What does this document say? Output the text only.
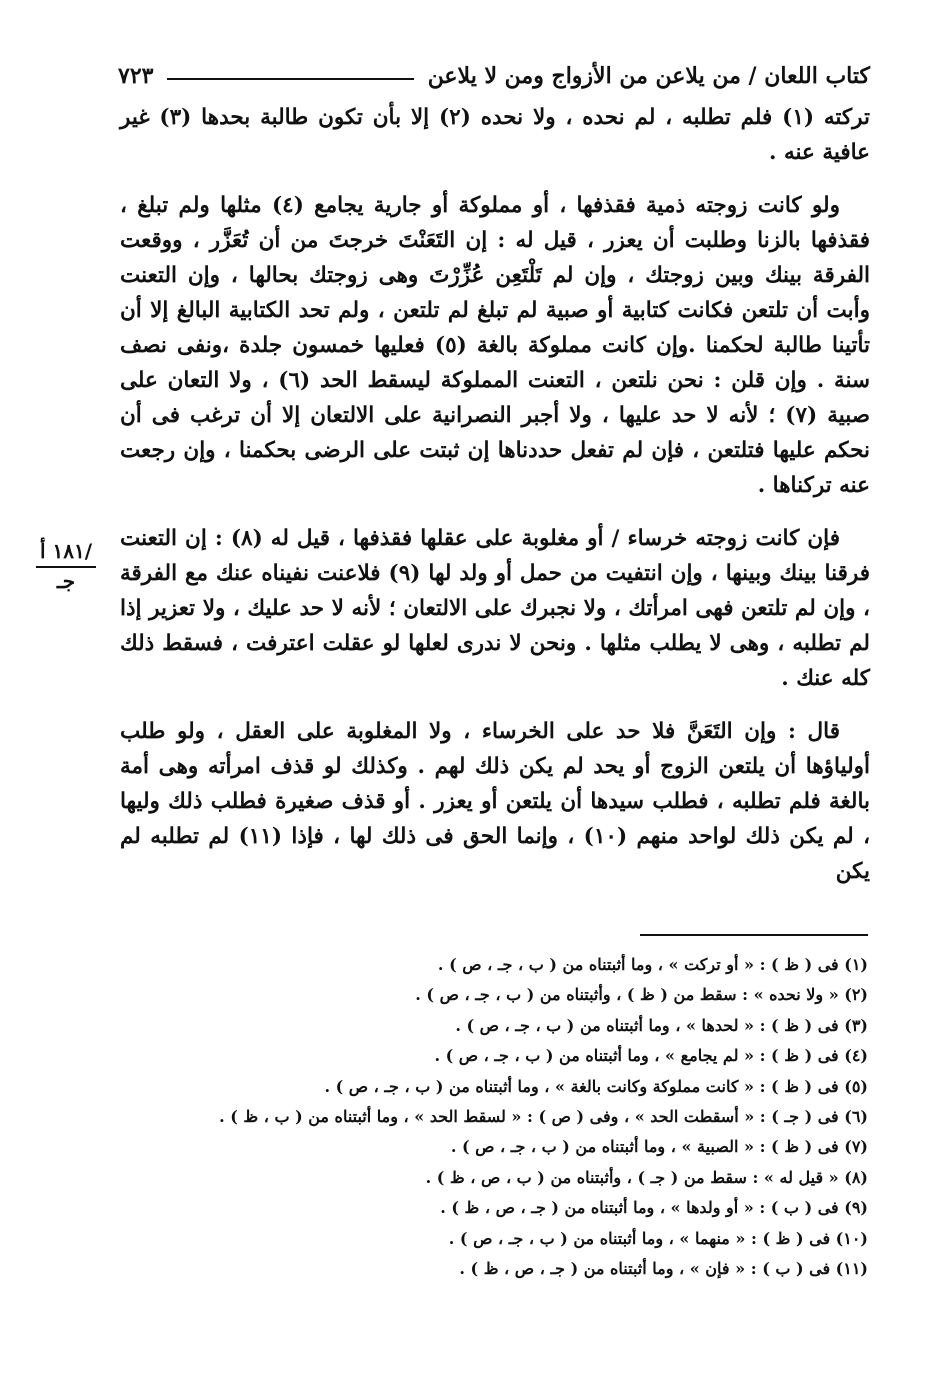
كتاب اللعان / من يلاعن من الأزواج ومن لا يلاعن
٧٢٣

تركته (١) فلم تطلبه ، لم نحده ، ولا نحده (٢) إلا بأن تكون طالبة بحدها (٣) غير عافية عنه .

ولو كانت زوجته ذمية فقذفها ، أو مملوكة أو جارية يجامع (٤) مثلها ولم تبلغ ، فقذفها بالزنا وطلبت أن يعزر ، قيل له : إن التَعَنْتَ خرجتَ من أن تُعَزَّر ، ووقعت الفرقة بينك وبين زوجتك ، وإن لم تَلْتَعِن عُزِّرْتَ وهى زوجتك بحالها ، وإن التعنت وأبت أن تلتعن فكانت كتابية أو صبية لم تبلغ لم تلتعن ، ولم تحد الكتابية البالغ إلا أن تأتينا طالبة لحكمنا .وإن كانت مملوكة بالغة (٥) فعليها خمسون جلدة ،ونفى نصف سنة . وإن قلن : نحن نلتعن ، التعنت المملوكة ليسقط الحد (٦) ، ولا التعان على صبية (٧) ؛ لأنه لا حد عليها ، ولا أجبر النصرانية على الالتعان إلا أن ترغب فى أن نحكم عليها فتلتعن ، فإن لم تفعل حددناها إن ثبتت على الرضى بحكمنا ، وإن رجعت عنه تركناها .

فإن كانت زوجته خرساء / أو مغلوبة على عقلها فقذفها ، قيل له (٨) : إن التعنت فرقنا بينك وبينها ، وإن انتفيت من حمل أو ولد لها (٩) فلاعنت نفيناه عنك مع الفرقة ، وإن لم تلتعن فهى امرأتك ، ولا نجبرك على الالتعان ؛ لأنه لا حد عليك ، ولا تعزير إذا لم تطلبه ، وهى لا يطلب مثلها . ونحن لا ندرى لعلها لو عقلت اعترفت ، فسقط ذلك كله عنك .

قال : وإن التَعَنَّ فلا حد على الخرساء ، ولا المغلوبة على العقل ، ولو طلب أولياؤها أن يلتعن الزوج أو يحد لم يكن ذلك لهم . وكذلك لو قذف امرأته وهى أمة بالغة فلم تطلبه ، فطلب سيدها أن يلتعن أو يعزر . أو قذف صغيرة فطلب ذلك وليها ، لم يكن ذلك لواحد منهم (١٠) ، وإنما الحق فى ذلك لها ، فإذا (١١) لم تطلبه لم يكن

١٨١ أ/
جـ
(١) فى ( ظ ) : « أو تركت » ، وما أثبتناه من ( ب ، جـ ، ص ) .
(٢) « ولا نحده » : سقط من ( ظ ) ، وأثبتناه من ( ب ، جـ ، ص ) .
(٣) فى ( ظ ) : « لحدها » ، وما أثبتناه من ( ب ، جـ ، ص ) .
(٤) فى ( ظ ) : « لم يجامع » ، وما أثبتناه من ( ب ، جـ ، ص ) .
(٥) فى ( ظ ) : « كانت مملوكة وكانت بالغة » ، وما أثبتناه من ( ب ، جـ ، ص ) .
(٦) فى ( جـ ) : « أسقطت الحد » ، وفى ( ص ) : « لسقط الحد » ، وما أثبتناه من ( ب ، ظ ) .
(٧) فى ( ظ ) : « الصبية » ، وما أثبتناه من ( ب ، جـ ، ص ) .
(٨) « قيل له » : سقط من ( جـ ) ، وأثبتناه من ( ب ، ص ، ظ ) .
(٩) فى ( ب ) : « أو ولدها » ، وما أثبتناه من ( جـ ، ص ، ظ ) .
(١٠) فى ( ظ ) : « منهما » ، وما أثبتناه من ( ب ، جـ ، ص ) .
(١١) فى ( ب ) : « فإن » ، وما أثبتناه من ( جـ ، ص ، ظ ) .
